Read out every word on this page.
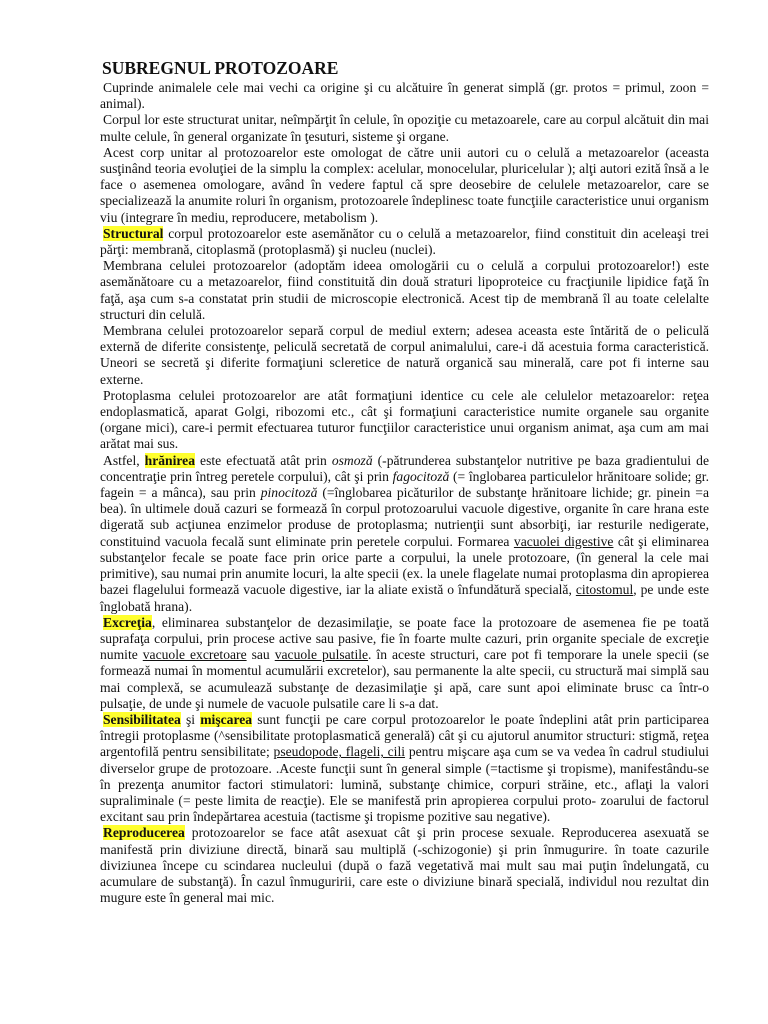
SUBREGNUL PROTOZOARE

Cuprinde animalele cele mai vechi ca origine şi cu alcătuire în generat simplă (gr. protos = primul, zoon = animal).

Corpul lor este structurat unitar, neîmpărţit în celule, în opoziţie cu metazoarele, care au corpul alcătuit din mai multe celule, în general organizate în ţesuturi, sisteme şi organe.

Acest corp unitar al protozoarelor este omologat de către unii autori cu o celulă a metazoarelor (aceasta susţinând teoria evoluţiei de la simplu la complex: acelular, monocelular, pluricelular ); alţi autori ezită însă a le face o asemenea omologare, având în vedere faptul că spre deosebire de celulele metazoarelor, care se specializează la anumite roluri în organism, protozoarele îndeplinesc toate funcţiile caracteristice unui organism viu (integrare în mediu, reproducere, metabolism ).

Structural corpul protozoarelor este asemănător cu o celulă a metazoarelor, fiind constituit din aceleaşi trei părţi: membrană, citoplasmă (protoplasmă) şi nucleu (nuclei).

Membrana celulei protozoarelor (adoptăm ideea omologării cu o celulă a corpului protozoarelor!) este asemănătoare cu a metazoarelor, fiind constituită din două straturi lipoproteice cu fracţiunile lipidice faţă în faţă, aşa cum s-a constatat prin studii de microscopie electronică. Acest tip de membrană îl au toate celelalte structuri din celulă.

Membrana celulei protozoarelor separă corpul de mediul extern; adesea aceasta este întărită de o peliculă externă de diferite consistenţe, peliculă secretată de corpul animalului, care-i dă acestuia forma caracteristică. Uneori se secretă şi diferite formaţiuni scleretice de natură organică sau minerală, care pot fi interne sau externe.

Protoplasma celulei protozoarelor are atât formaţiuni identice cu cele ale celulelor metazoarelor: reţea endoplasmatică, aparat Golgi, ribozomi etc., cât şi formaţiuni caracteristice numite organele sau organite (organe mici), care-i permit efectuarea tuturor funcţiilor caracteristice unui organism animat, aşa cum am mai arătat mai sus.

Astfel, hrănirea este efectuată atât prin osmoză (-pătrunderea substanţelor nutritive pe baza gradientului de concentraţie prin întreg peretele corpului), cât şi prin fagocitoză (= înglobarea particulelor hrănitoare solide; gr. fagein = a mânca), sau prin pinocitoză (=înglobarea picăturilor de substanţe hrănitoare lichide; gr. pinein =a bea). în ultimele două cazuri se formează în corpul protozoarului vacuole digestive, organite în care hrana este digerată sub acţiunea enzimelor produse de protoplasma; nutrienţii sunt absorbiţi, iar resturile nedigerate, constituind vacuola fecală sunt eliminate prin peretele corpului. Formarea vacuolei digestive cât şi eliminarea substanţelor fecale se poate face prin orice parte a corpului, la unele protozoare, (în general la cele mai primitive), sau numai prin anumite locuri, la alte specii (ex. la unele flagelate numai protoplasma din apropierea bazei flagelului formează vacuole digestive, iar la aliate există o înfundătură specială, citostomul, pe unde este înglobată hrana).

Excreţia, eliminarea substanţelor de dezasimilaţie, se poate face la protozoare de asemenea fie pe toată suprafaţa corpului, prin procese active sau pasive, fie în foarte multe cazuri, prin organite speciale de excreţie numite vacuole excretoare sau vacuole pulsatile. în aceste structuri, care pot fi temporare la unele specii (se formează numai în momentul acumulării excretelor), sau permanente la alte specii, cu structură mai simplă sau mai complexă, se acumulează substanţe de dezasimilaţie şi apă, care sunt apoi eliminate brusc ca într-o pulsaţie, de unde şi numele de vacuole pulsatile care li s-a dat.

Sensibilitatea şi mişcarea sunt funcţii pe care corpul protozoarelor le poate îndeplini atât prin participarea întregii protoplasme (^sensibilitate protoplasmatică generală) cât şi cu ajutorul anumitor structuri: stigmă, reţea argentofilă pentru sensibilitate; pseudopode, flageli, cili pentru mişcare aşa cum se va vedea în cadrul studiului diverselor grupe de protozoare. .Aceste funcţii sunt în general simple (=tactisme şi tropisme), manifestându-se în prezenţa anumitor factori stimulatori: lumină, substanţe chimice, corpuri străine, etc., aflaţi la valori supraliminale (= peste limita de reacţie). Ele se manifestă prin apropierea corpului proto- zoarului de factorul excitant sau prin îndepărtarea acestuia (tactisme şi tropisme pozitive sau negative).

Reproducerea protozoarelor se face atât asexuat cât şi prin procese sexuale. Reproducerea asexuată se manifestă prin diviziune directă, binară sau multiplă (-schizogonie) şi prin înmugurire. în toate cazurile diviziunea începe cu scindarea nucleului (după o fază vegetativă mai mult sau mai puţin îndelungată, cu acumulare de substanţă). În cazul înmuguririi, care este o diviziune binară specială, individul nou rezultat din mugure este în general mai mic.
